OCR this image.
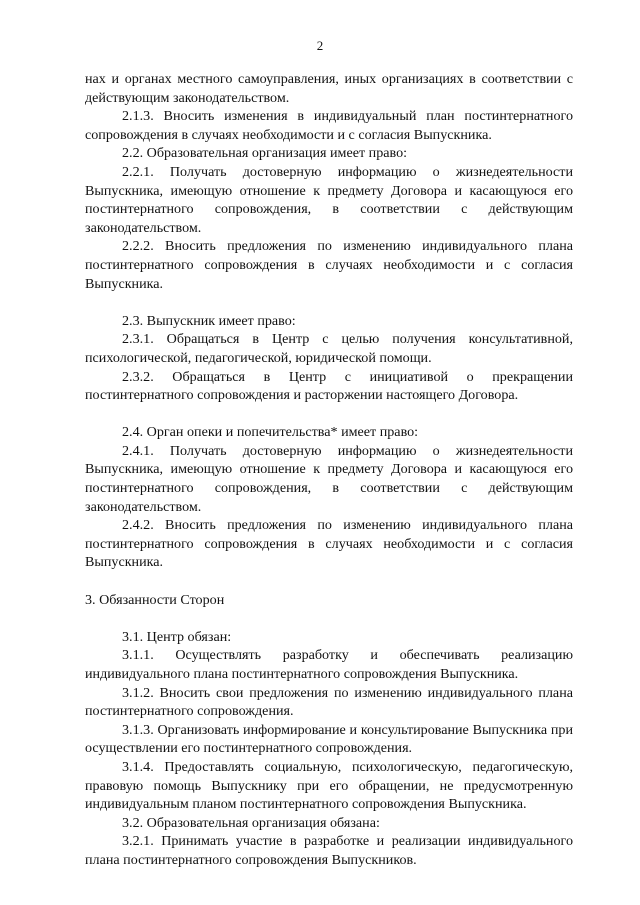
2

нах и органах местного самоуправления, иных организациях в соответствии с действующим законодательством.

2.1.3. Вносить изменения в индивидуальный план постинтернатного сопровождения в случаях необходимости и с согласия Выпускника.

2.2. Образовательная организация имеет право:

2.2.1. Получать достоверную информацию о жизнедеятельности Выпускника, имеющую отношение к предмету Договора и касающуюся его постинтернатного сопровождения, в соответствии с действующим законодательством.

2.2.2. Вносить предложения по изменению индивидуального плана постинтернатного сопровождения в случаях необходимости и с согласия Выпускника.

2.3. Выпускник имеет право:

2.3.1. Обращаться в Центр с целью получения консультативной, психологической, педагогической, юридической помощи.

2.3.2. Обращаться в Центр с инициативой о прекращении постинтернатного сопровождения и расторжении настоящего Договора.

2.4. Орган опеки и попечительства* имеет право:

2.4.1. Получать достоверную информацию о жизнедеятельности Выпускника, имеющую отношение к предмету Договора и касающуюся его постинтернатного сопровождения, в соответствии с действующим законодательством.

2.4.2. Вносить предложения по изменению индивидуального плана постинтернатного сопровождения в случаях необходимости и с согласия Выпускника.

3. Обязанности Сторон

3.1. Центр обязан:

3.1.1. Осуществлять разработку и обеспечивать реализацию индивидуального плана постинтернатного сопровождения Выпускника.

3.1.2. Вносить свои предложения по изменению индивидуального плана постинтернатного сопровождения.

3.1.3. Организовать информирование и консультирование Выпускника при осуществлении его постинтернатного сопровождения.

3.1.4. Предоставлять социальную, психологическую, педагогическую, правовую помощь Выпускнику при его обращении, не предусмотренную индивидуальным планом постинтернатного сопровождения Выпускника.

3.2. Образовательная организация обязана:

3.2.1. Принимать участие в разработке и реализации индивидуального плана постинтернатного сопровождения Выпускников.
